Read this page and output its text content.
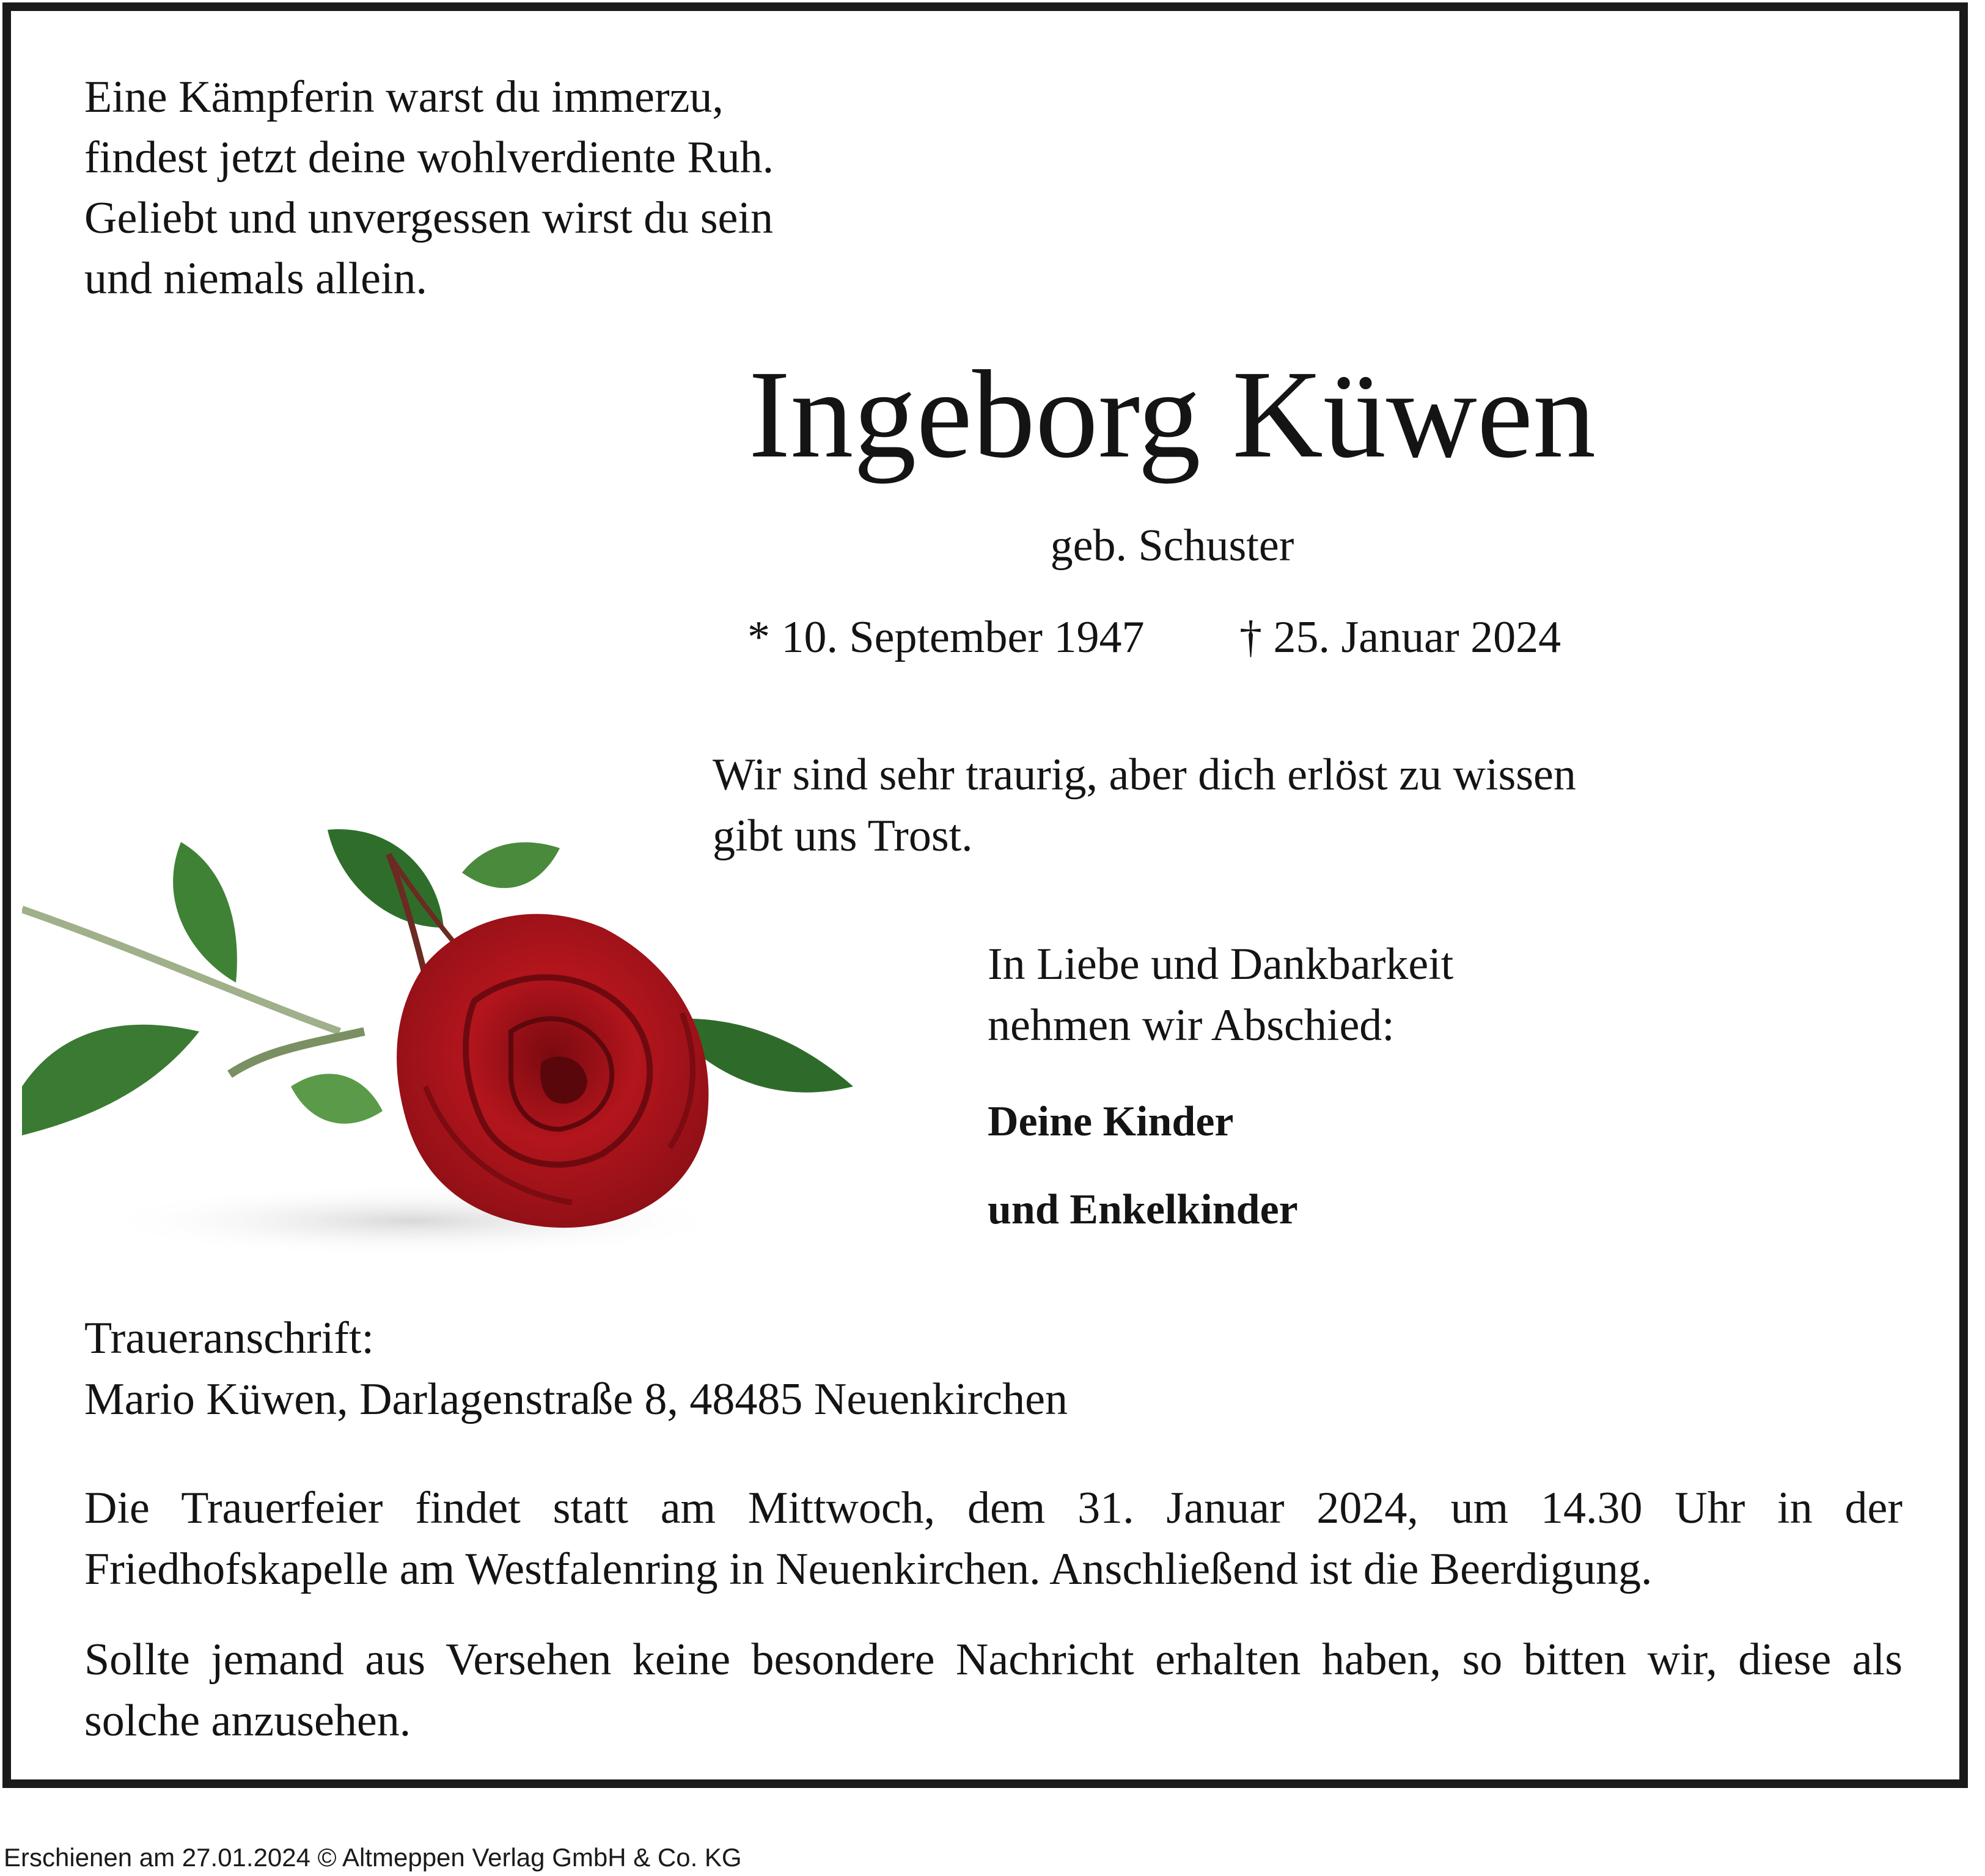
Eine Kämpferin warst du immerzu,
findest jetzt deine wohlverdiente Ruh.
Geliebt und unvergessen wirst du sein
und niemals allein.
Ingeborg Küwen
geb. Schuster
* 10. September 1947 † 25. Januar 2024
Wir sind sehr traurig, aber dich erlöst zu wissen
gibt uns Trost.
In Liebe und Dankbarkeit
nehmen wir Abschied:
Deine Kinder
und Enkelkinder
Traueranschrift:
Mario Küwen, Darlagenstraße 8, 48485 Neuenkirchen
Die Trauerfeier findet statt am Mittwoch, dem 31. Januar 2024, um 14.30 Uhr in der Friedhofskapelle am Westfalenring in Neuenkirchen. Anschließend ist die Beerdigung.
Sollte jemand aus Versehen keine besondere Nachricht erhalten haben, so bitten wir, diese als solche anzusehen.
Erschienen am 27.01.2024 © Altmeppen Verlag GmbH & Co. KG
